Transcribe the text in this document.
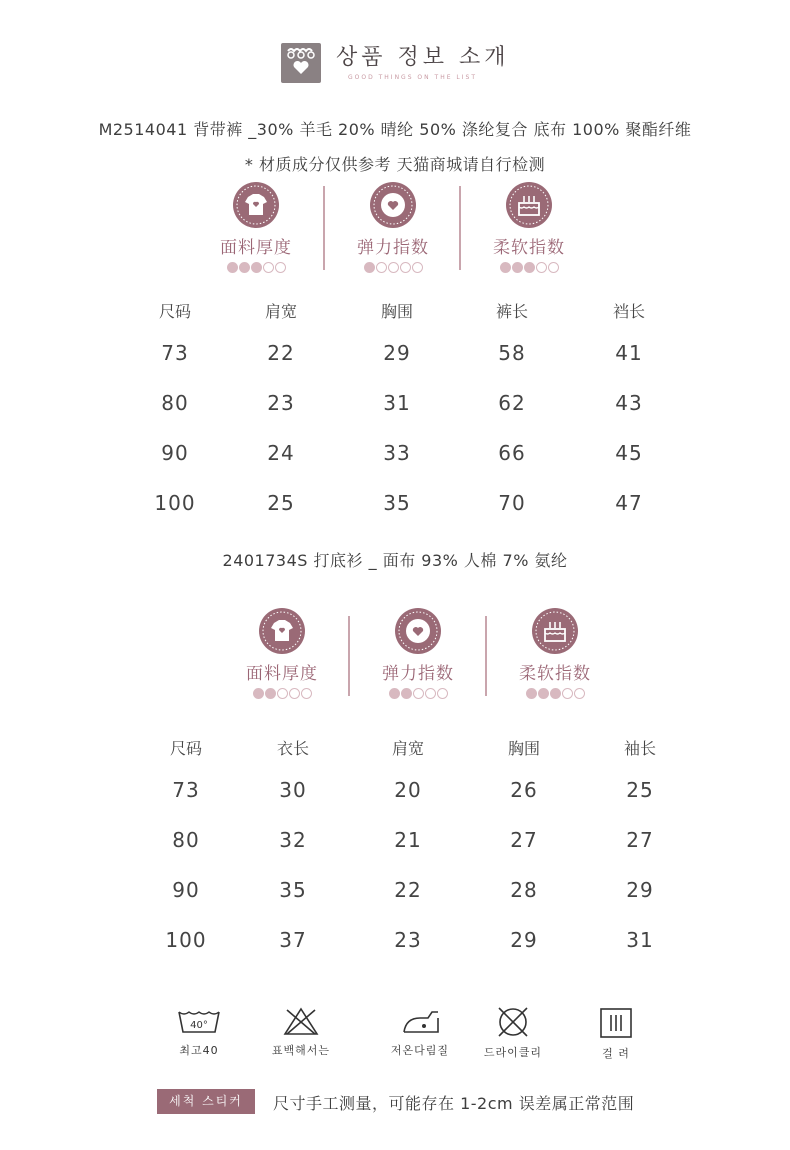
상품 정보 소개
GOOD THINGS ON THE LIST
M2514041 背带裤 _30% 羊毛 20% 晴纶 50% 涤纶复合 底布 100% 聚酯纤维
* 材质成分仅供参考 天猫商城请自行检测
面料厚度	弹力指数	柔软指数
尺码	肩宽	胸围	裤长	裆长
73	22	29	58	41
80	23	31	62	43
90	24	33	66	45
100	25	35	70	47
2401734S 打底衫 _ 面布 93% 人棉 7% 氨纶
面料厚度	弹力指数	柔软指数
尺码	衣长	肩宽	胸围	袖长
73	30	20	26	25
80	32	21	27	27
90	35	22	28	29
100	37	23	29	31
40°
최고40	표백해서는	저온다림질	드라이클리	걸 려
세척 스티커	尺寸手工测量，可能存在 1-2cm 误差属正常范围
